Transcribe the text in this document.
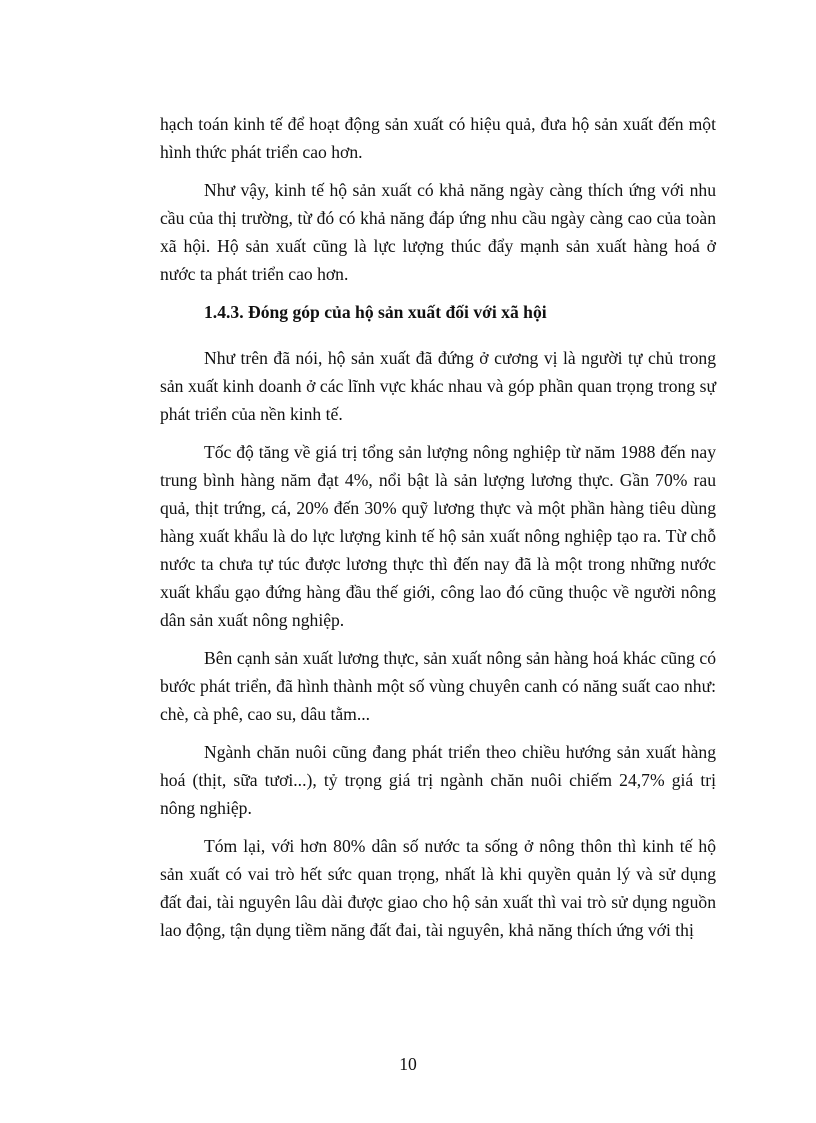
hạch toán kinh tế để hoạt động sản xuất có hiệu quả, đưa hộ sản xuất đến một hình thức phát triển cao hơn.

Như vậy, kinh tế hộ sản xuất có khả năng ngày càng thích ứng với nhu cầu của thị trường, từ đó có khả năng đáp ứng nhu cầu ngày càng cao của toàn xã hội. Hộ sản xuất cũng là lực lượng thúc đẩy mạnh sản xuất hàng hoá ở nước ta phát triển cao hơn.

1.4.3. Đóng góp của hộ sản xuất đối với xã hội

Như trên đã nói, hộ sản xuất đã đứng ở cương vị là người tự chủ trong sản xuất kinh doanh ở các lĩnh vực khác nhau và góp phần quan trọng trong sự phát triển của nền kinh tế.

Tốc độ tăng về giá trị tổng sản lượng nông nghiệp từ năm 1988 đến nay trung bình hàng năm đạt 4%, nổi bật là sản lượng lương thực. Gần 70% rau quả, thịt trứng, cá, 20% đến 30% quỹ lương thực và một phần hàng tiêu dùng hàng xuất khẩu là do lực lượng kinh tế hộ sản xuất nông nghiệp tạo ra. Từ chỗ nước ta chưa tự túc được lương thực thì đến nay đã là một trong những nước xuất khẩu gạo đứng hàng đầu thế giới, công lao đó cũng thuộc về người nông dân sản xuất nông nghiệp.

Bên cạnh sản xuất lương thực, sản xuất nông sản hàng hoá khác cũng có bước phát triển, đã hình thành một số vùng chuyên canh có năng suất cao như: chè, cà phê, cao su, dâu tằm...

Ngành chăn nuôi cũng đang phát triển theo chiều hướng sản xuất hàng hoá (thịt, sữa tươi...), tỷ trọng giá trị ngành chăn nuôi chiếm 24,7% giá trị nông nghiệp.

Tóm lại, với hơn 80% dân số nước ta sống ở nông thôn thì kinh tế hộ sản xuất có vai trò hết sức quan trọng, nhất là khi quyền quản lý và sử dụng đất đai, tài nguyên lâu dài được giao cho hộ sản xuất thì vai trò sử dụng nguồn lao động, tận dụng tiềm năng đất đai, tài nguyên, khả năng thích ứng với thị

10
